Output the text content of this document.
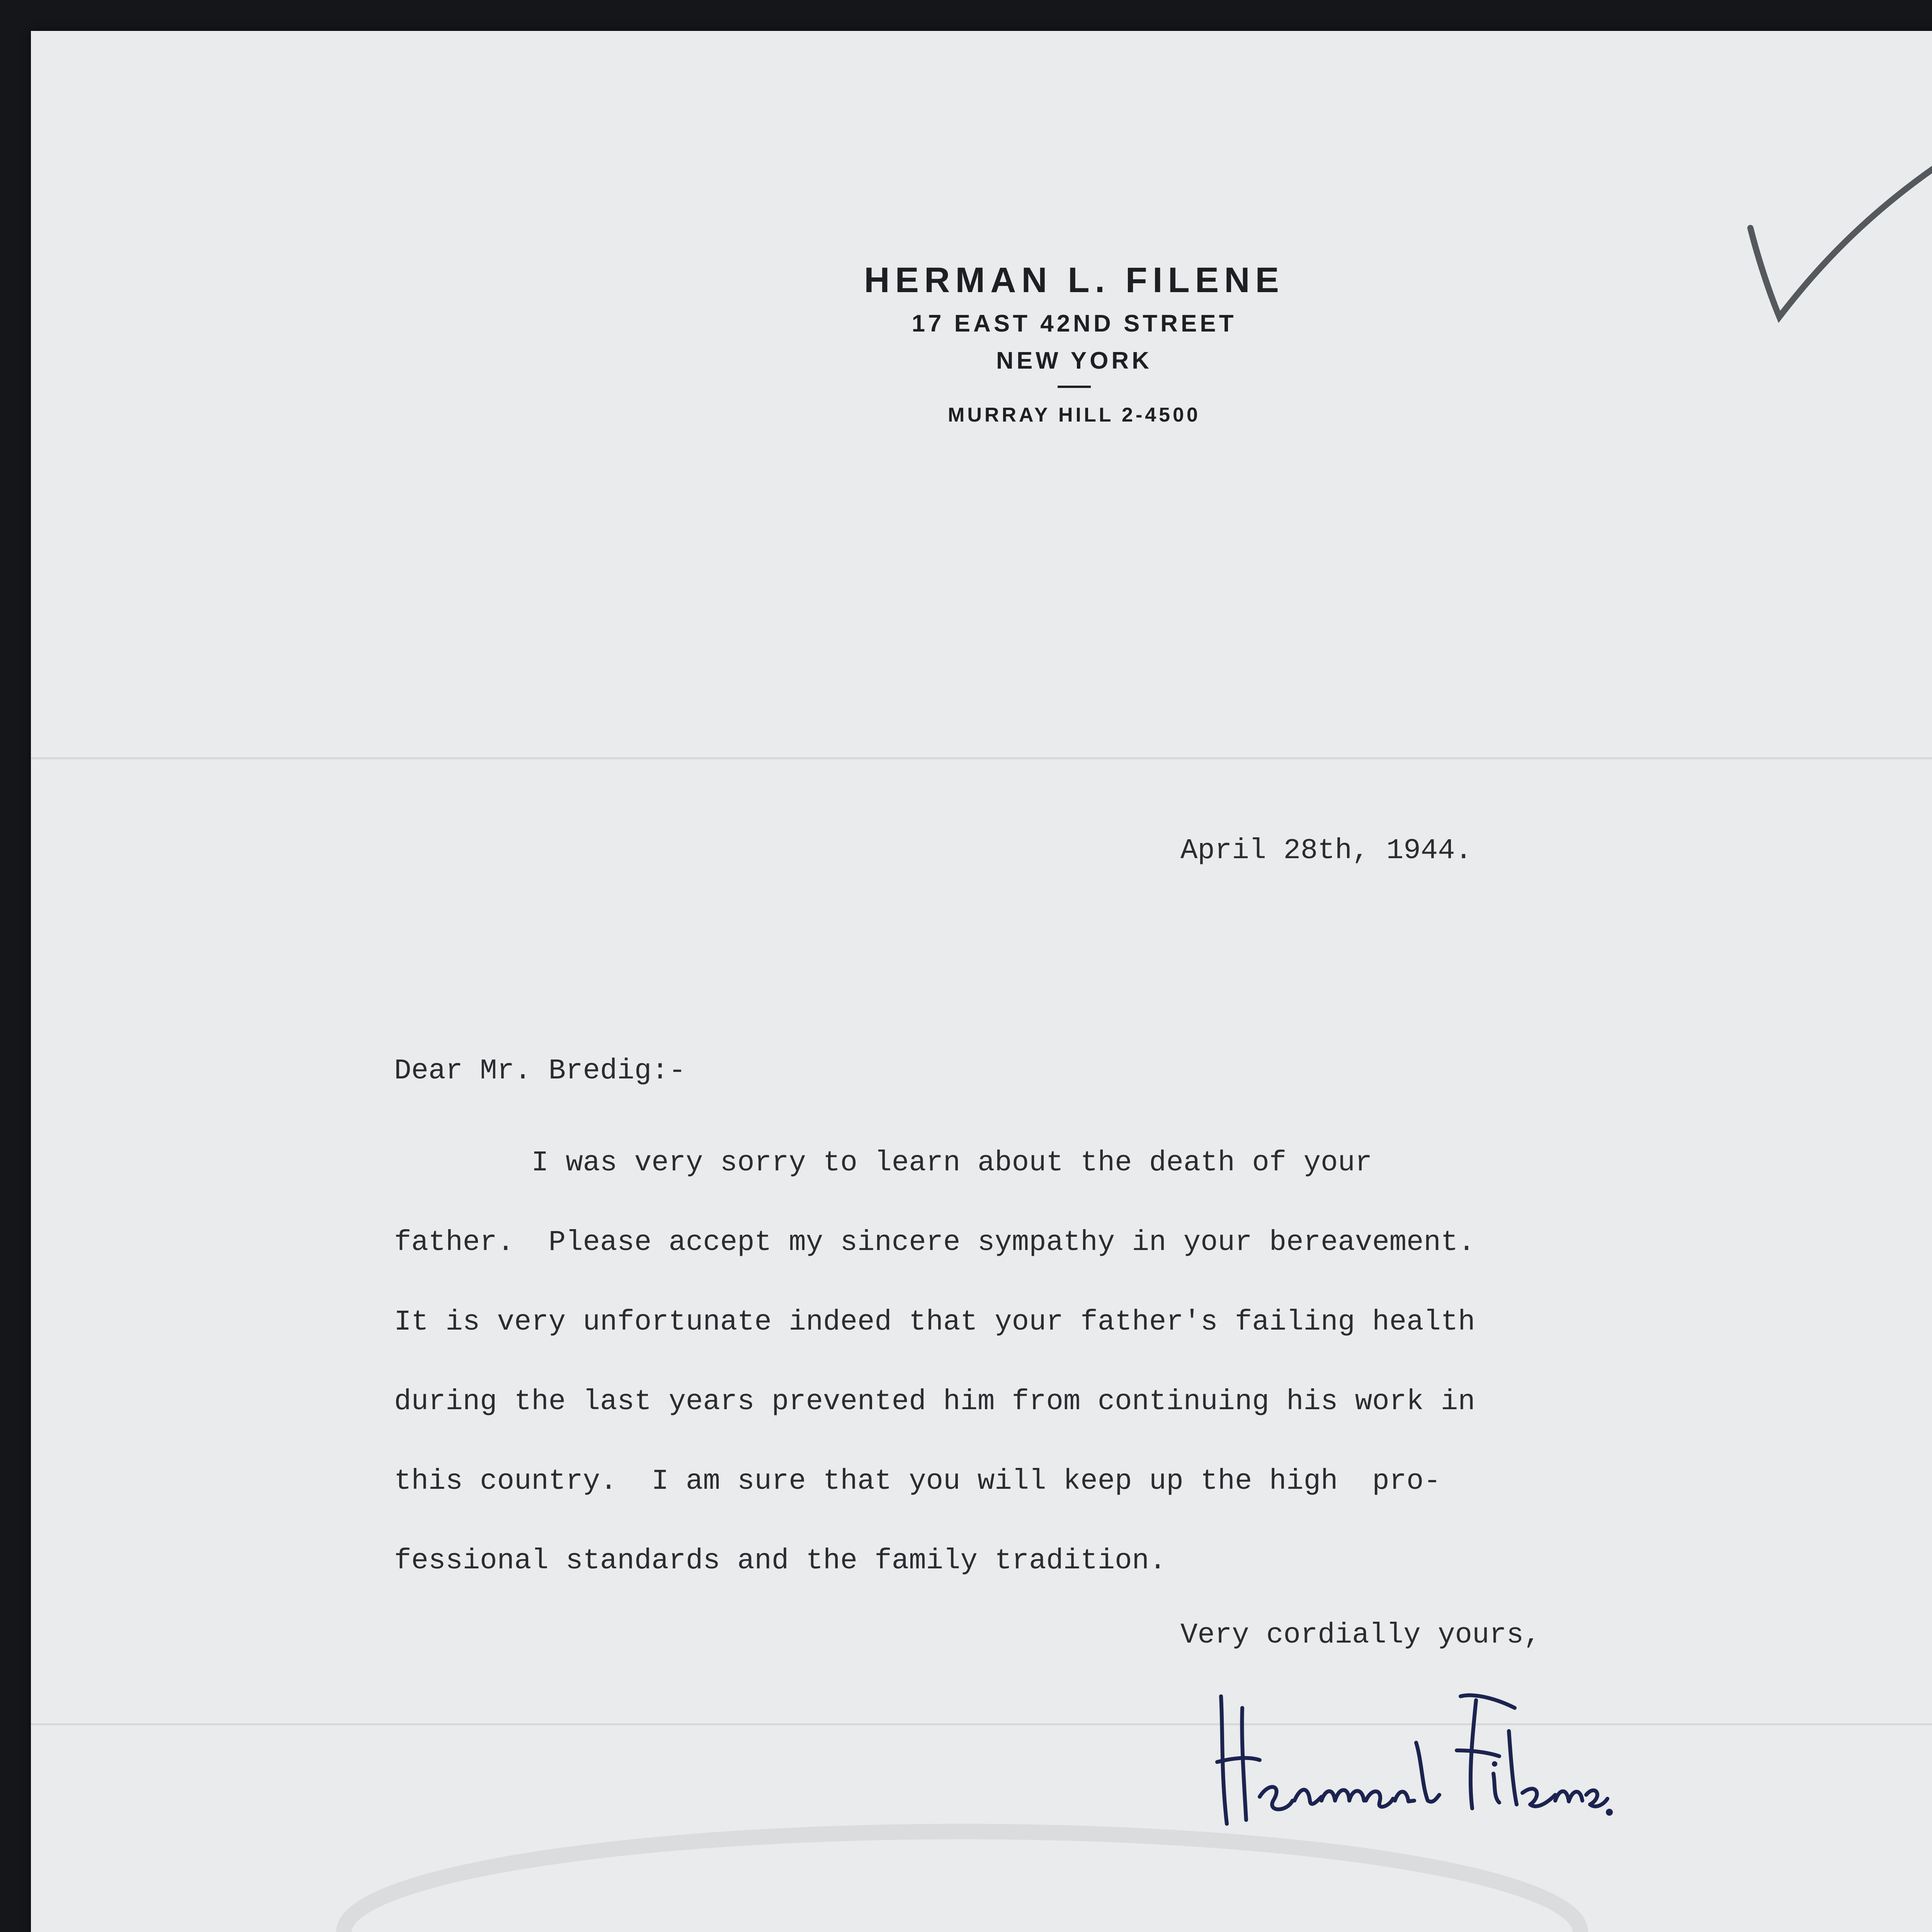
HERMAN L. FILENE

17 EAST 42ND STREET

NEW YORK

MURRAY HILL 2-4500

April 28th, 1944.

Dear Mr. Bredig:-

I was very sorry to learn about the death of your
father.  Please accept my sincere sympathy in your bereavement.
It is very unfortunate indeed that your father's failing health
during the last years prevented him from continuing his work in
this country.  I am sure that you will keep up the high  pro-
fessional standards and the family tradition.

Very cordially yours,
